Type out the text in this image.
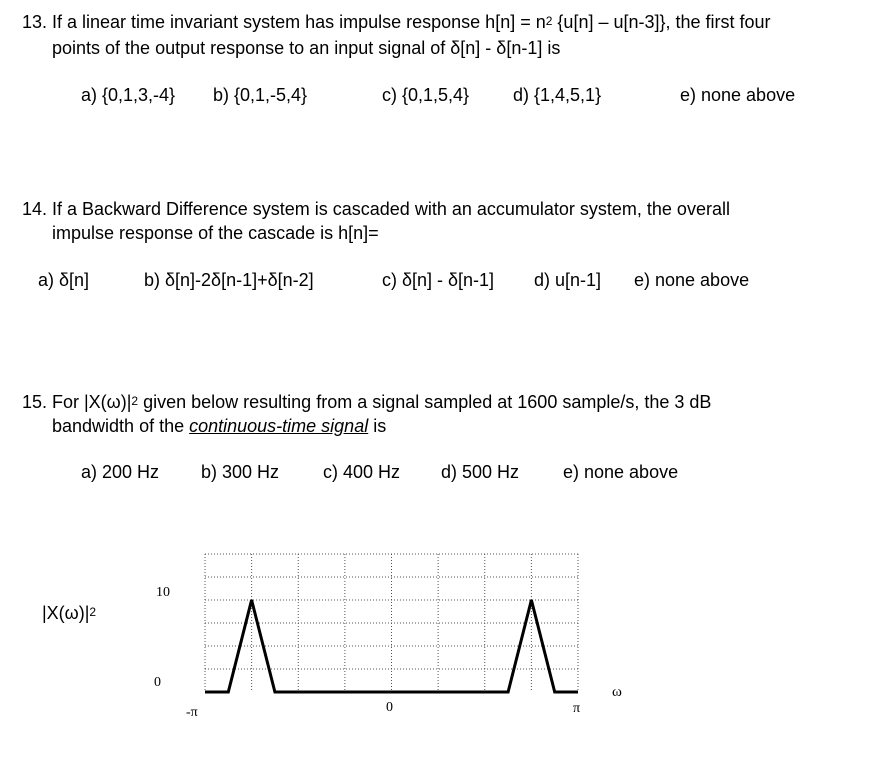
13. If a linear time invariant system has impulse response $h[n] = n^2$ {u[n] – u[n-3]}, the first four
points of the output response to an input signal of δ[n] - δ[n-1] is
a) {0,1,3,-4} b) {0,1,-5,4}	c) {0,1,5,4} d) {1,4,5,1}	e) none above
14. If a Backward Difference system is cascaded with an accumulator system, the overall
impulse response of the cascade is h[n]=
a) δ[n]	b) δ[n]-2δ[n-1]+δ[n-2]	c) δ[n] - δ[n-1] d) u[n-1] e) none above
15. For $|X(\omega)|^2$ given below resulting from a signal sampled at 1600 sample/s, the 3 dB
bandwidth of the continuous-time signal is
a) 200 Hz b) 300 Hz c) 400 Hz d) 500 Hz e) none above
$|X(\omega)|^2$
10
0
-π	0	π
ω
